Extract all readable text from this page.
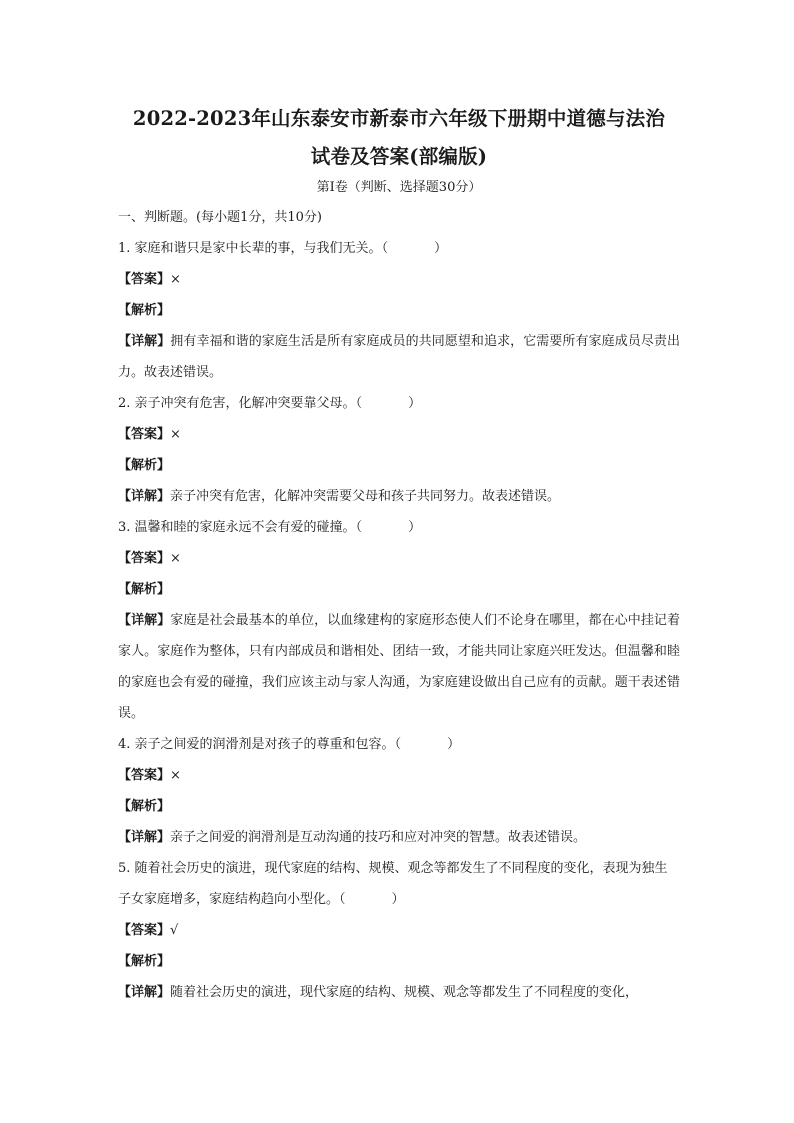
2022-2023年山东泰安市新泰市六年级下册期中道德与法治
试卷及答案(部编版)
第Ⅰ卷（判断、选择题30分）
一、判断题。(每小题1分，共10分)
1. 家庭和谐只是家中长辈的事，与我们无关。（	）
【答案】×
【解析】
【详解】拥有幸福和谐的家庭生活是所有家庭成员的共同愿望和追求，它需要所有家庭成员尽责出力。故表述错误。
2. 亲子冲突有危害，化解冲突要靠父母。（	）
【答案】×
【解析】
【详解】亲子冲突有危害，化解冲突需要父母和孩子共同努力。故表述错误。
3. 温馨和睦的家庭永远不会有爱的碰撞。（	）
【答案】×
【解析】
【详解】家庭是社会最基本的单位，以血缘建构的家庭形态使人们不论身在哪里，都在心中挂记着家人。家庭作为整体，只有内部成员和谐相处、团结一致，才能共同让家庭兴旺发达。但温馨和睦的家庭也会有爱的碰撞，我们应该主动与家人沟通，为家庭建设做出自己应有的贡献。题干表述错误。
4. 亲子之间爱的润滑剂是对孩子的尊重和包容。（	）
【答案】×
【解析】
【详解】亲子之间爱的润滑剂是互动沟通的技巧和应对冲突的智慧。故表述错误。
5. 随着社会历史的演进，现代家庭的结构、规模、观念等都发生了不同程度的变化，表现为独生子女家庭增多，家庭结构趋向小型化。（	）
【答案】√
【解析】
【详解】随着社会历史的演进，现代家庭的结构、规模、观念等都发生了不同程度的变化，
